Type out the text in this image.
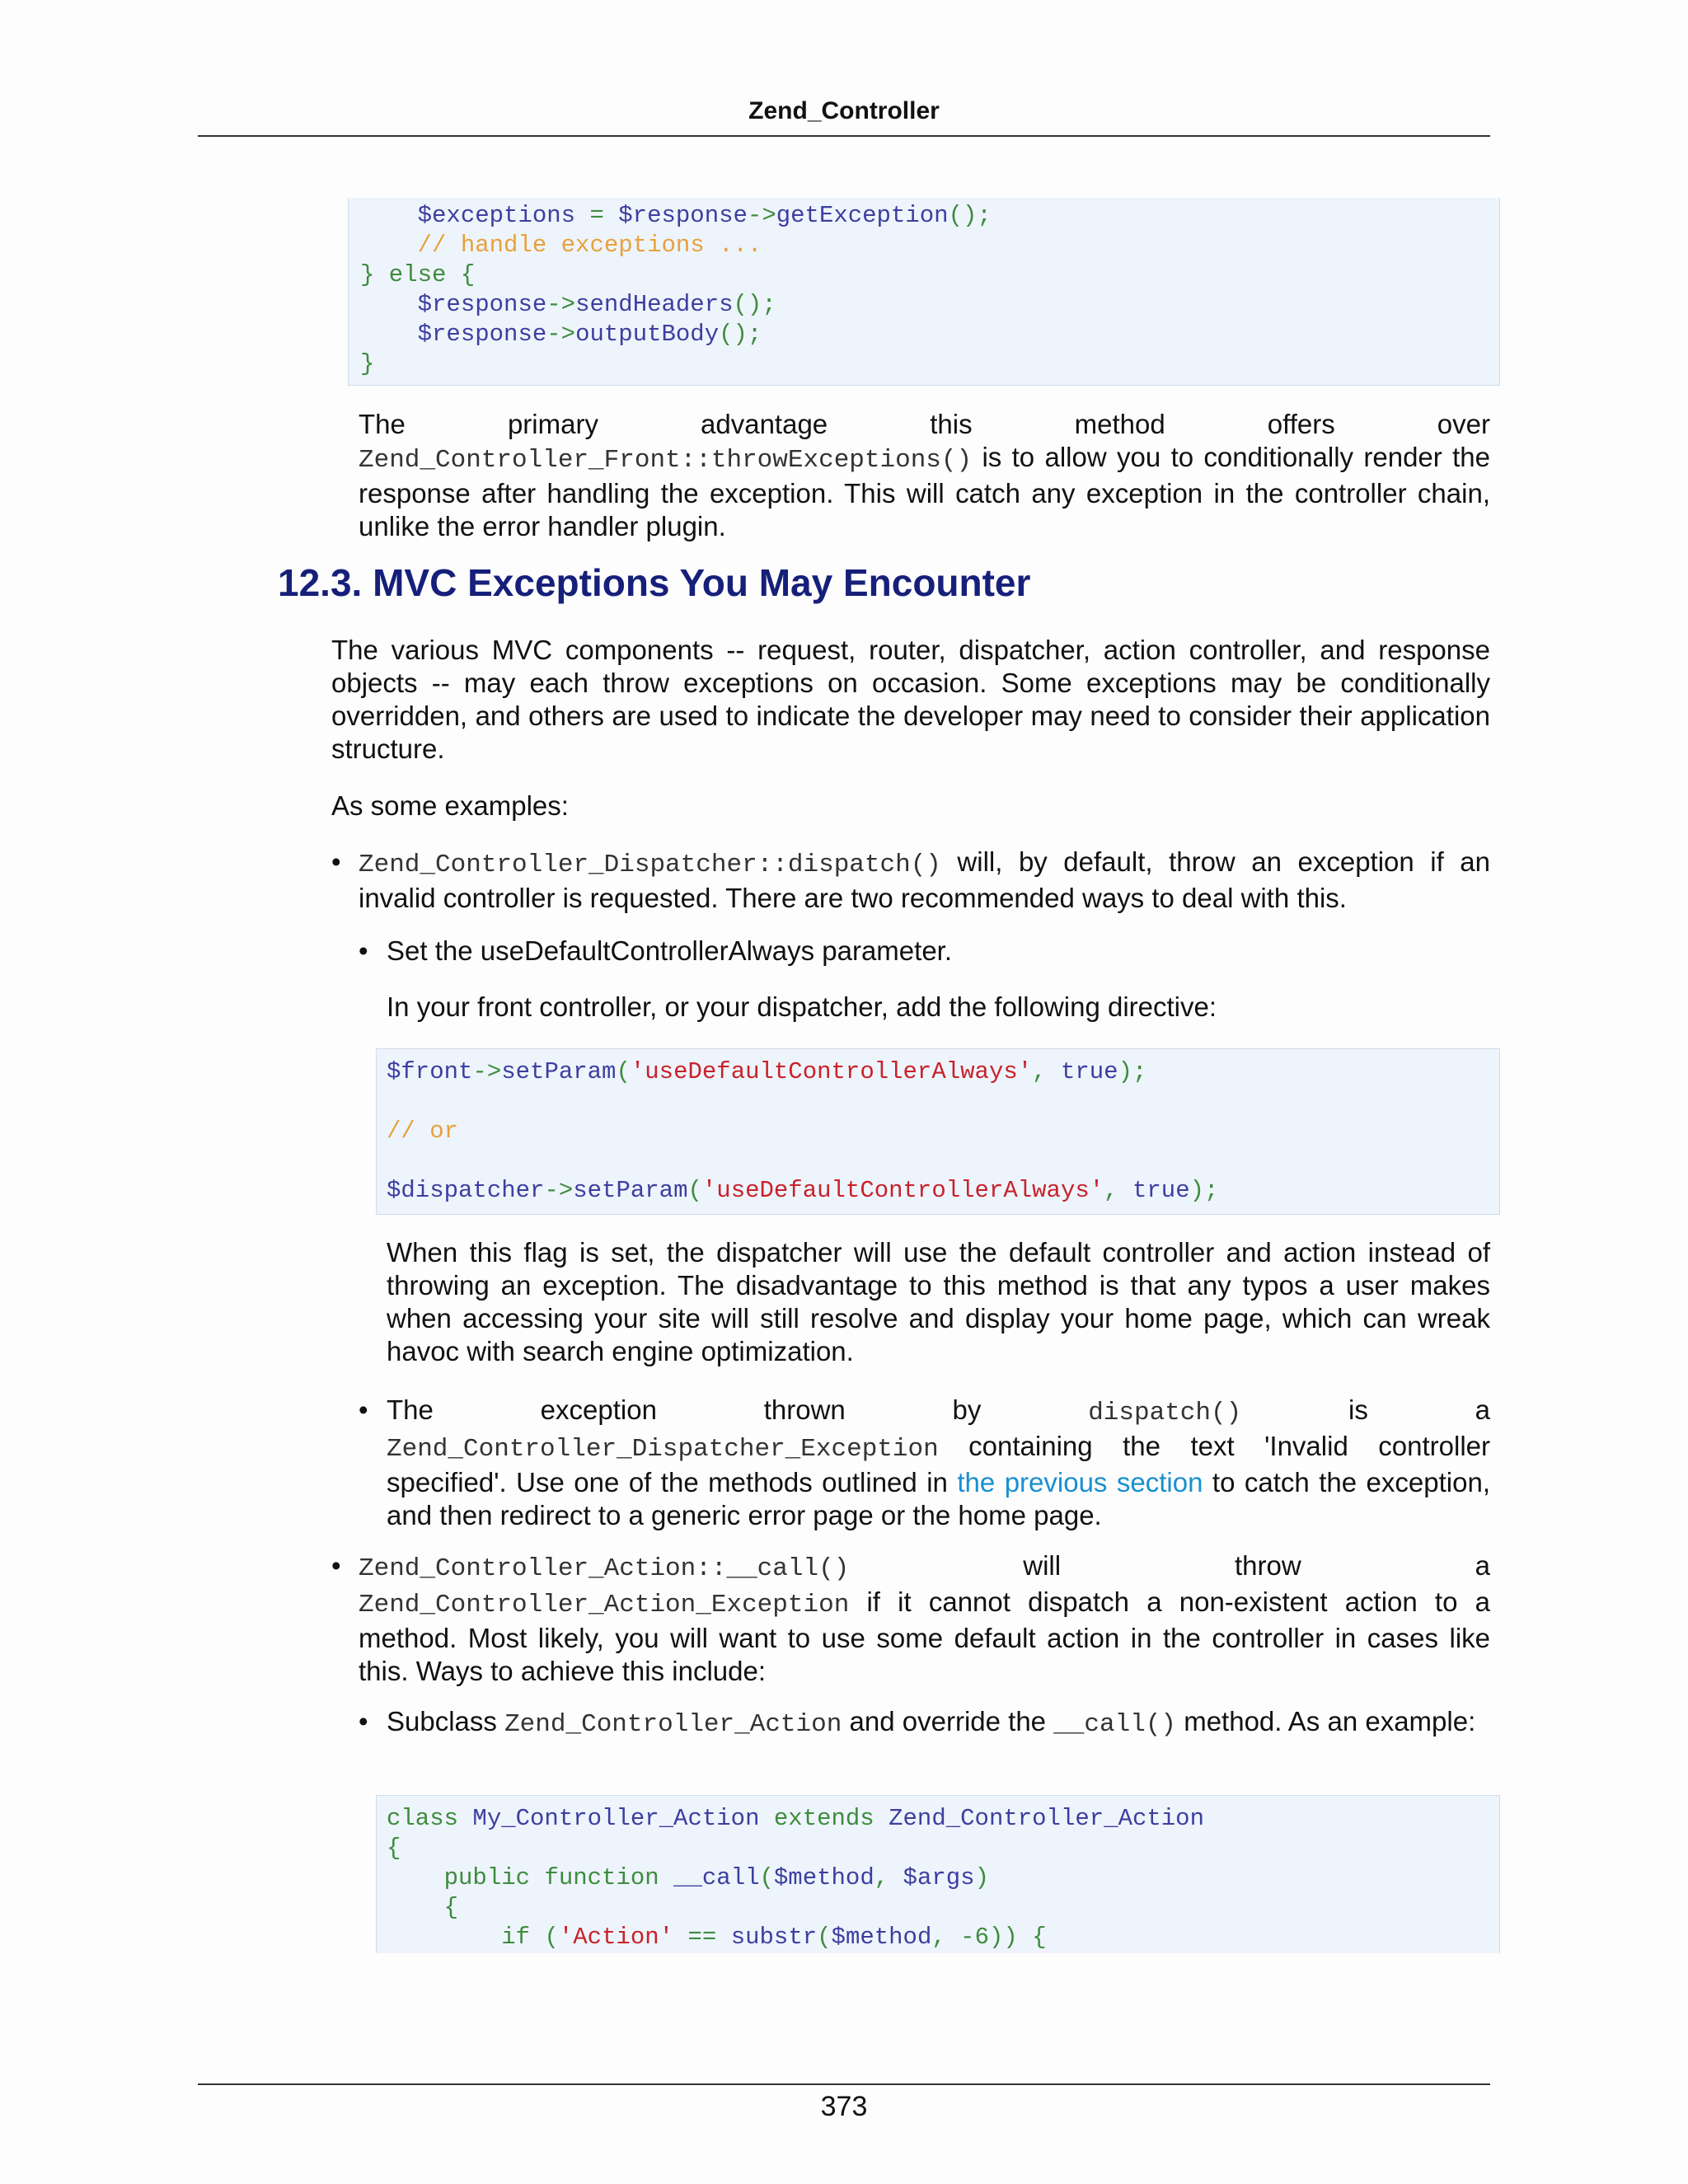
Zend_Controller
$exceptions = $response->getException();
// handle exceptions ...
} else {
$response->sendHeaders();
$response->outputBody();
}
The	primary	advantage	this	method	offers	over
Zend_Controller_Front::throwExceptions() is to allow you to conditionally render the response after handling the exception. This will catch any exception in the controller chain, unlike the error handler plugin.
12.3. MVC Exceptions You May Encounter

The various MVC components -- request, router, dispatcher, action controller, and response objects -- may each throw exceptions on occasion. Some exceptions may be conditionally overridden, and others are used to indicate the developer may need to consider their application structure.

As some examples:

• Zend_Controller_Dispatcher::dispatch() will, by default, throw an exception if an invalid controller is requested. There are two recommended ways to deal with this.
• Set the useDefaultControllerAlways parameter.

In your front controller, or your dispatcher, add the following directive:

$front->setParam('useDefaultControllerAlways', true);
// or
$dispatcher->setParam('useDefaultControllerAlways', true);

When this flag is set, the dispatcher will use the default controller and action instead of throwing an exception. The disadvantage to this method is that any typos a user makes when accessing your site will still resolve and display your home page, which can wreak havoc with search engine optimization.

• The	exception	thrown	by	dispatch()	is	a
Zend_Controller_Dispatcher_Exception containing the text 'Invalid controller specified'. Use one of the methods outlined in the previous section to catch the exception, and then redirect to a generic error page or the home page.
• Zend_Controller_Action::__call()	will	throw	a
Zend_Controller_Action_Exception if it cannot dispatch a non-existent action to a method. Most likely, you will want to use some default action in the controller in cases like this. Ways to achieve this include:
• Subclass Zend_Controller_Action and override the __call() method. As an example:
class My_Controller_Action extends Zend_Controller_Action
{
public function __call($method, $args)
{
if ('Action' == substr($method, -6)) {
373
